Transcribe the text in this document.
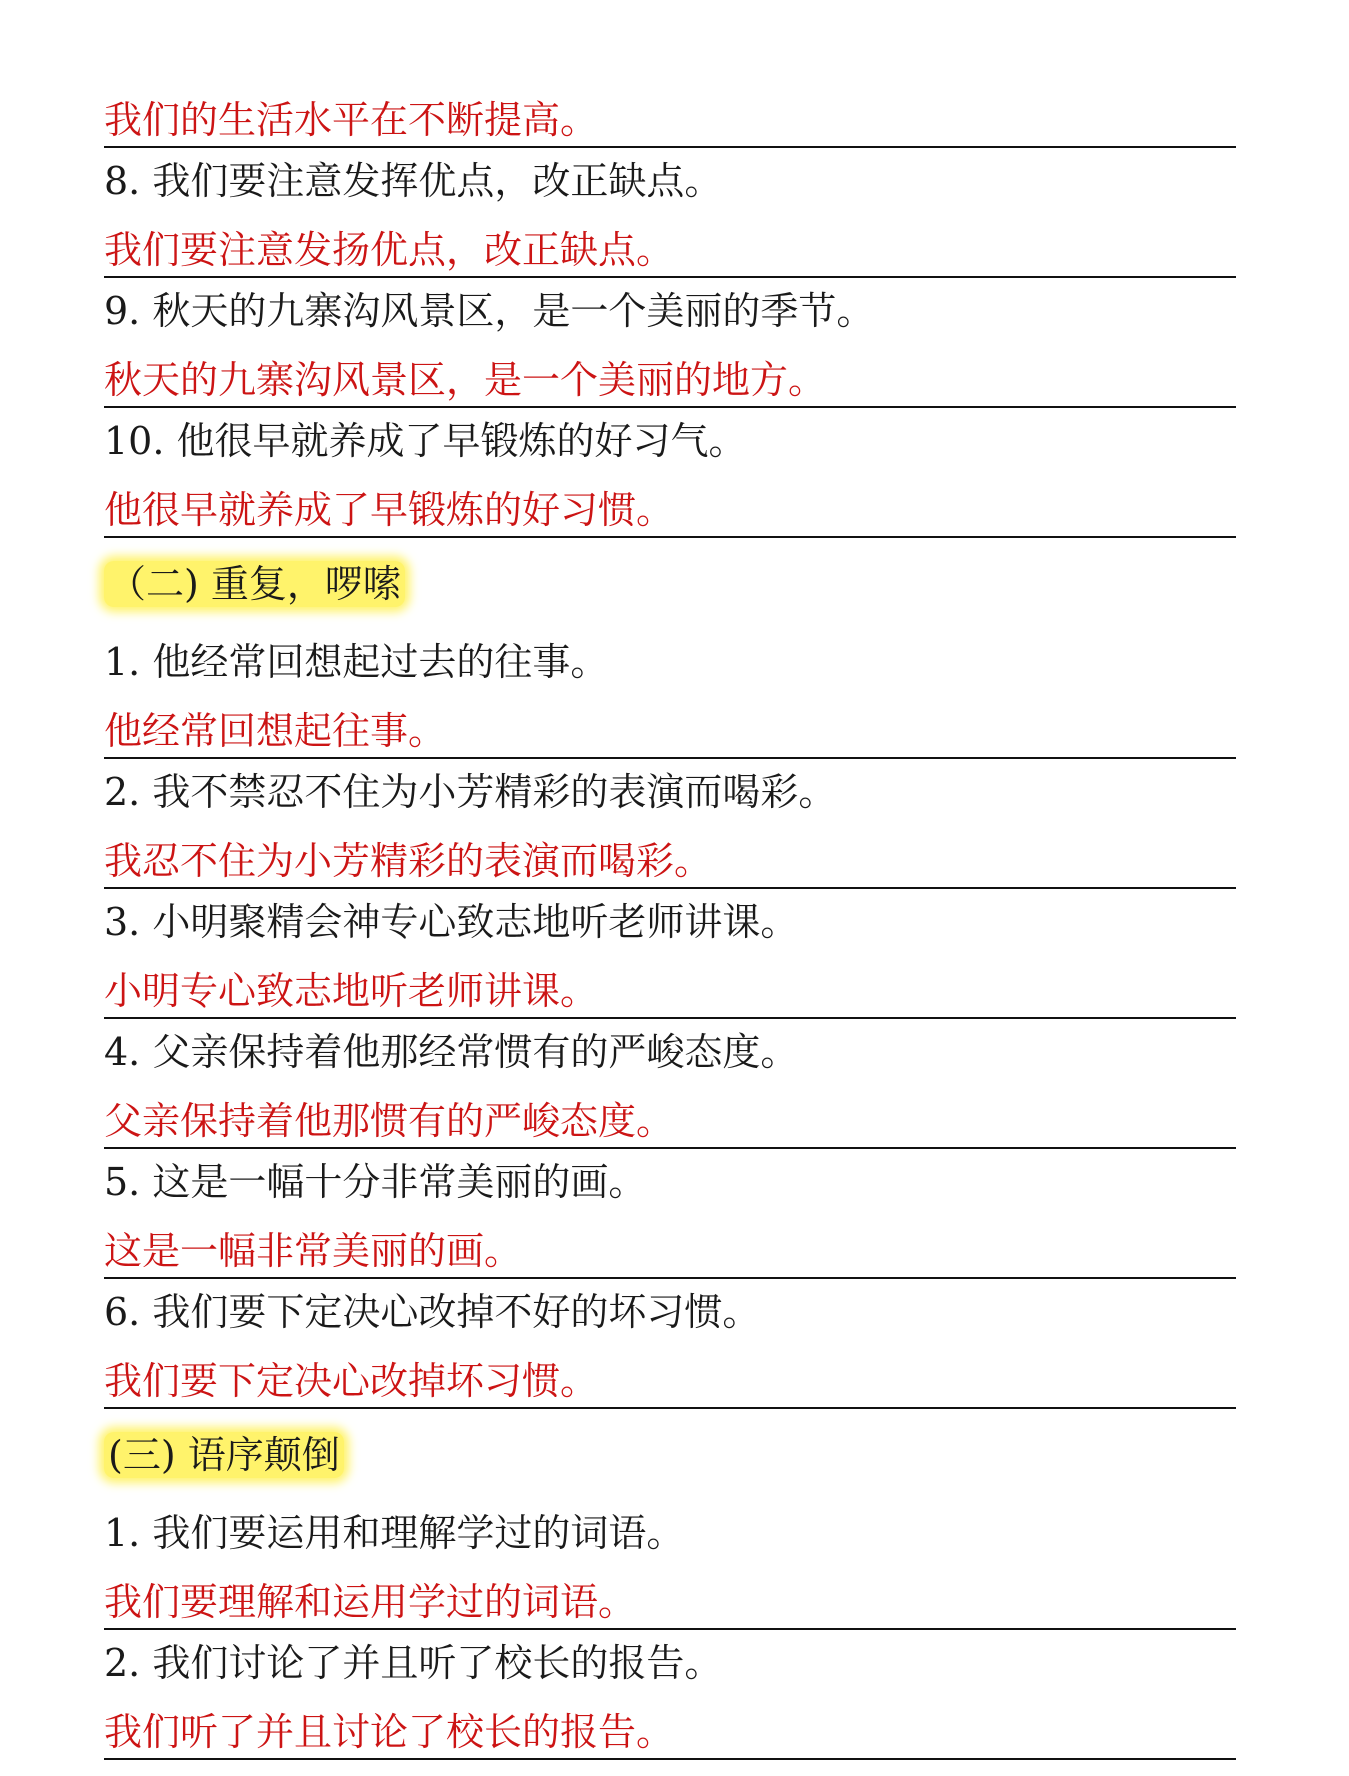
我们的生活水平在不断提高。
8. 我们要注意发挥优点，改正缺点。
我们要注意发扬优点，改正缺点。
9. 秋天的九寨沟风景区，是一个美丽的季节。
秋天的九寨沟风景区，是一个美丽的地方。
10. 他很早就养成了早锻炼的好习气。
他很早就养成了早锻炼的好习惯。
（二) 重复，啰嗦
1. 他经常回想起过去的往事。
他经常回想起往事。
2. 我不禁忍不住为小芳精彩的表演而喝彩。
我忍不住为小芳精彩的表演而喝彩。
3. 小明聚精会神专心致志地听老师讲课。
小明专心致志地听老师讲课。
4. 父亲保持着他那经常惯有的严峻态度。
父亲保持着他那惯有的严峻态度。
5. 这是一幅十分非常美丽的画。
这是一幅非常美丽的画。
6. 我们要下定决心改掉不好的坏习惯。
我们要下定决心改掉坏习惯。
(三) 语序颠倒
1. 我们要运用和理解学过的词语。
我们要理解和运用学过的词语。
2. 我们讨论了并且听了校长的报告。
我们听了并且讨论了校长的报告。
